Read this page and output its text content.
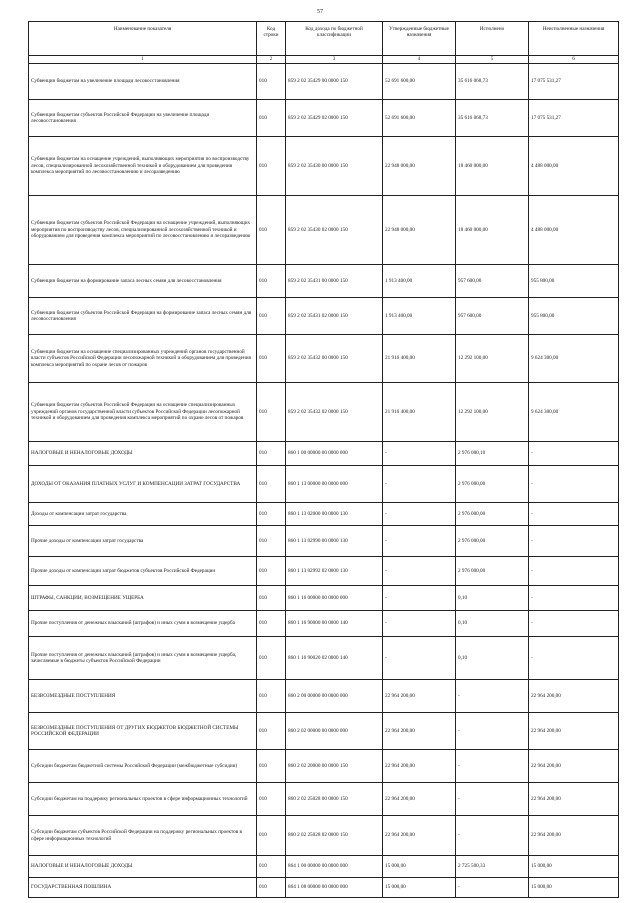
57
Наименование показателя	Код строки	Код дохода по бюджетной классификации	Утвержденные бюджетные назначения	Исполнено	Неисполненные назначения
1	2	3	4	5	6
Субвенции бюджетам на увеличение площади лесовосстановления	010	859 2 02 35429 00 0000 150	52 691 600,00	35 616 068,73	17 075 531,27
Субвенции бюджетам субъектов Российской Федерации на увеличение площади лесовосстановления	010	859 2 02 35429 02 0000 150	52 691 600,00	35 616 068,73	17 075 531,27
Субвенции бюджетам на оснащение учреждений, выполняющих мероприятия по воспроизводству лесов, специализированной лесохозяйственной техникой и оборудованием для проведения комплекса мероприятий по лесовосстановлению и лесоразведению	010	859 2 02 35430 00 0000 150	22 948 000,00	18 460 000,00	4 488 000,00
Субвенции бюджетам субъектов Российской Федерации на оснащение учреждений, выполняющих мероприятия по воспроизводству лесов, специализированной лесохозяйственной техникой и оборудованием для проведения комплекса мероприятий по лесовосстановлению и лесоразведению	010	859 2 02 35430 02 0000 150	22 948 000,00	18 460 000,00	4 488 000,00
Субвенции бюджетам на формирование запаса лесных семян для лесовосстановления	010	859 2 02 35431 00 0000 150	1 913 400,00	957 600,00	955 800,00
Субвенции бюджетам субъектов Российской Федерации на формирование запаса лесных семян для лесовосстановления	010	859 2 02 35431 02 0000 150	1 913 400,00	957 600,00	955 800,00
Субвенции бюджетам на оснащение специализированных учреждений органов государственной власти субъектов Российской Федерации лесопожарной техникой и оборудованием для проведения комплекса мероприятий по охране лесов от пожаров	010	859 2 02 35432 00 0000 150	21 916 400,00	12 292 100,00	9 624 300,00
Субвенции бюджетам субъектов Российской Федерации на оснащение специализированных учреждений органов государственной власти субъектов Российской Федерации лесопожарной техникой и оборудованием для проведения комплекса мероприятий по охране лесов от пожаров	010	859 2 02 35432 02 0000 150	21 916 400,00	12 292 100,00	9 624 300,00
НАЛОГОВЫЕ И НЕНАЛОГОВЫЕ ДОХОДЫ	010	860 1 00 00000 00 0000 000	-	2 976 000,10	-
ДОХОДЫ ОТ ОКАЗАНИЯ ПЛАТНЫХ УСЛУГ И КОМПЕНСАЦИИ ЗАТРАТ ГОСУДАРСТВА	010	860 1 13 00000 00 0000 000	-	2 976 000,00	-
Доходы от компенсации затрат государства	010	860 1 13 02000 00 0000 130	-	2 976 000,00	-
Прочие доходы от компенсации затрат государства	010	860 1 13 02990 00 0000 130	-	2 976 000,00	-
Прочие доходы от компенсации затрат бюджетов субъектов Российской Федерации	010	860 1 13 02992 02 0000 130	-	2 976 000,00	-
ШТРАФЫ, САНКЦИИ, ВОЗМЕЩЕНИЕ УЩЕРБА	010	860 1 16 00000 00 0000 000	-	0,10	-
Прочие поступления от денежных взысканий (штрафов) и иных сумм в возмещение ущерба	010	860 1 16 90000 00 0000 140	-	0,10	-
Прочие поступления от денежных взысканий (штрафов) и иных сумм в возмещение ущерба, зачисляемые в бюджеты субъектов Российской Федерации	010	860 1 16 90020 02 0000 140	-	0,10	-
БЕЗВОЗМЕЗДНЫЕ ПОСТУПЛЕНИЯ	010	860 2 00 00000 00 0000 000	22 964 200,00	-	22 964 200,00
БЕЗВОЗМЕЗДНЫЕ ПОСТУПЛЕНИЯ ОТ ДРУГИХ БЮДЖЕТОВ БЮДЖЕТНОЙ СИСТЕМЫ РОССИЙСКОЙ ФЕДЕРАЦИИ	010	860 2 02 00000 00 0000 000	22 964 200,00	-	22 964 200,00
Субсидии бюджетам бюджетной системы Российской Федерации (межбюджетные субсидии)	010	860 2 02 20000 00 0000 150	22 964 200,00	-	22 964 200,00
Субсидии бюджетам на поддержку региональных проектов в сфере информационных технологий	010	860 2 02 25028 00 0000 150	22 964 200,00	-	22 964 200,00
Субсидии бюджетам субъектов Российской Федерации на поддержку региональных проектов в сфере информационных технологий	010	860 2 02 25028 02 0000 150	22 964 200,00	-	22 964 200,00
НАЛОГОВЫЕ И НЕНАЛОГОВЫЕ ДОХОДЫ	010	864 1 00 00000 00 0000 000	15 000,00	2 725 500,33	15 000,00
ГОСУДАРСТВЕННАЯ ПОШЛИНА	010	864 1 08 00000 00 0000 000	15 000,00	-	15 000,00
